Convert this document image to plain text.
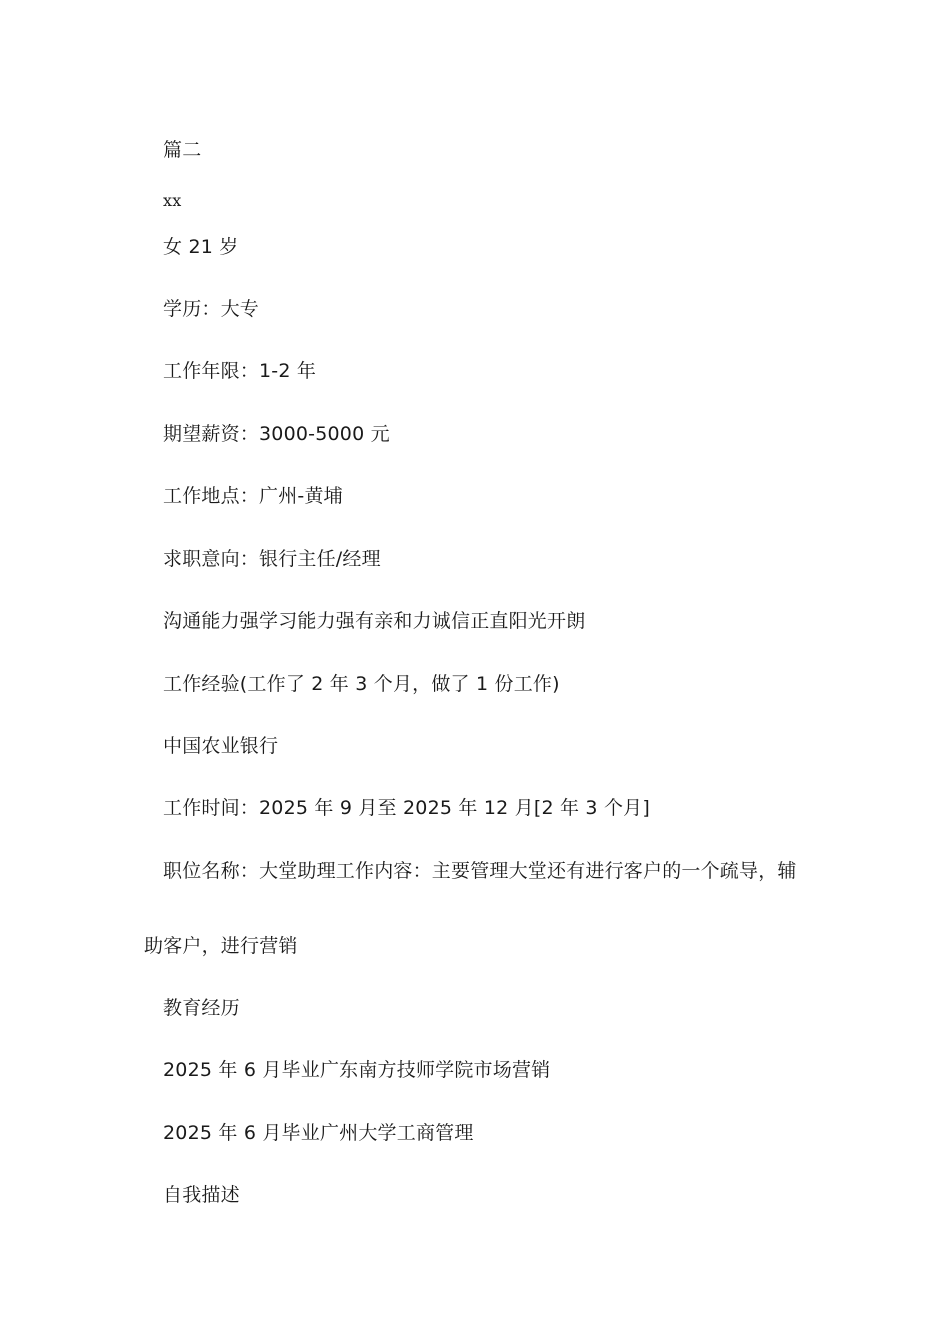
篇二
xx
女 21 岁
学历：大专
工作年限：1-2 年
期望薪资：3000-5000 元
工作地点：广州-黄埔
求职意向：银行主任/经理
沟通能力强学习能力强有亲和力诚信正直阳光开朗
工作经验(工作了 2 年 3 个月，做了 1 份工作)
中国农业银行
工作时间：2025 年 9 月至 2025 年 12 月[2 年 3 个月]
职位名称：大堂助理工作内容：主要管理大堂还有进行客户的一个疏导，辅
助客户，进行营销
教育经历
2025 年 6 月毕业广东南方技师学院市场营销
2025 年 6 月毕业广州大学工商管理
自我描述
